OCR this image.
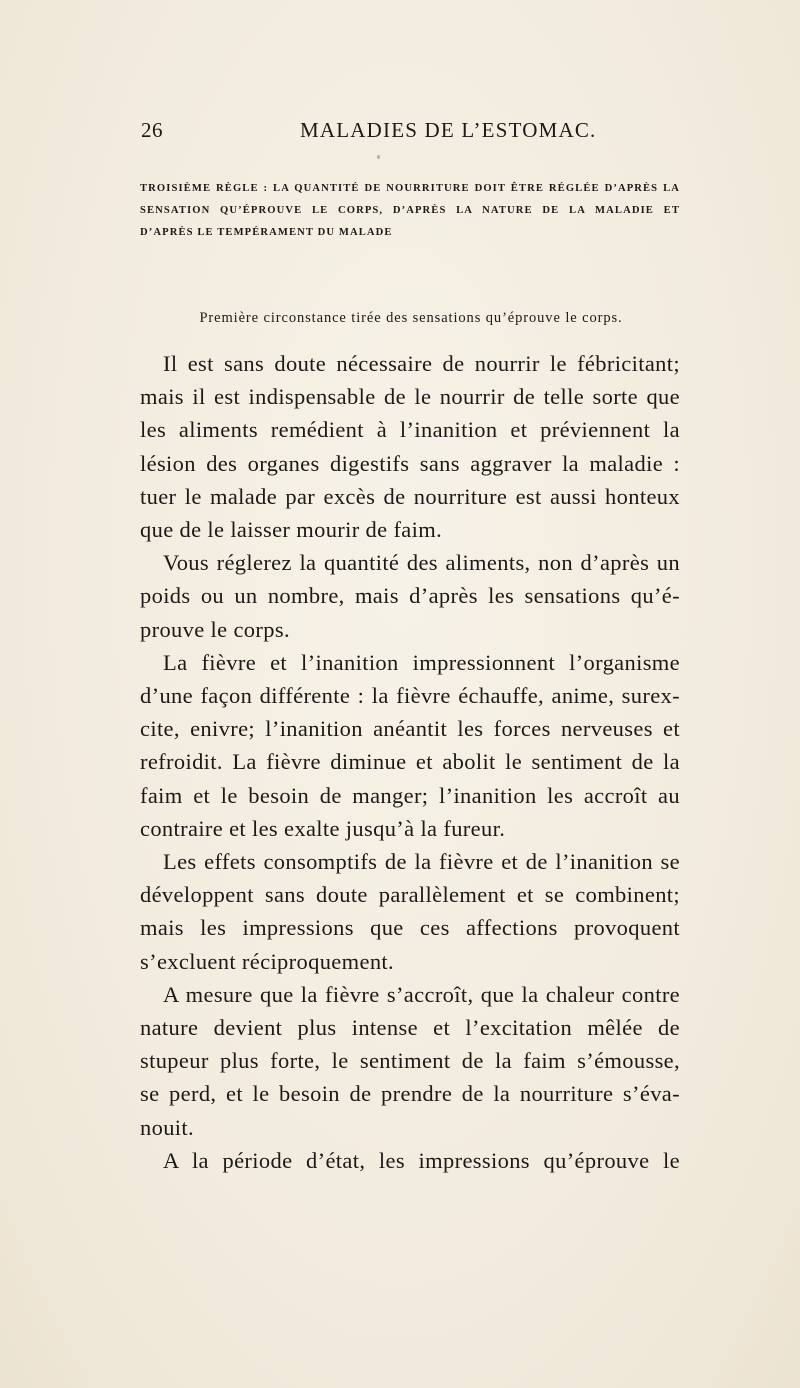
26	MALADIES DE L’ESTOMAC.
TROISIÈME RÈGLE : LA QUANTITÉ DE NOURRITURE DOIT ÊTRE RÉGLÉE D’APRÈS LA
SENSATION QU’ÉPROUVE LE CORPS, D’APRÈS LA NATURE DE LA MALADIE ET
D’APRÈS LE TEMPÉRAMENT DU MALADE
Première circonstance tirée des sensations qu’éprouve le corps.
Il est sans doute nécessaire de nourrir le fébricitant;
mais il est indispensable de le nourrir de telle sorte que
les aliments remédient à l’inanition et préviennent la
lésion des organes digestifs sans aggraver la maladie :
tuer le malade par excès de nourriture est aussi honteux
que de le laisser mourir de faim.
Vous réglerez la quantité des aliments, non d’après un
poids ou un nombre, mais d’après les sensations qu’é-
prouve le corps.
La fièvre et l’inanition impressionnent l’organisme
d’une façon différente : la fièvre échauffe, anime, surex-
cite, enivre; l’inanition anéantit les forces nerveuses et
refroidit. La fièvre diminue et abolit le sentiment de la
faim et le besoin de manger; l’inanition les accroît au
contraire et les exalte jusqu’à la fureur.
Les effets consomptifs de la fièvre et de l’inanition se
développent sans doute parallèlement et se combinent;
mais les impressions que ces affections provoquent
s’excluent réciproquement.
A mesure que la fièvre s’accroît, que la chaleur contre
nature devient plus intense et l’excitation mêlée de
stupeur plus forte, le sentiment de la faim s’émousse,
se perd, et le besoin de prendre de la nourriture s’éva-
nouit.
A la période d’état, les impressions qu’éprouve le
